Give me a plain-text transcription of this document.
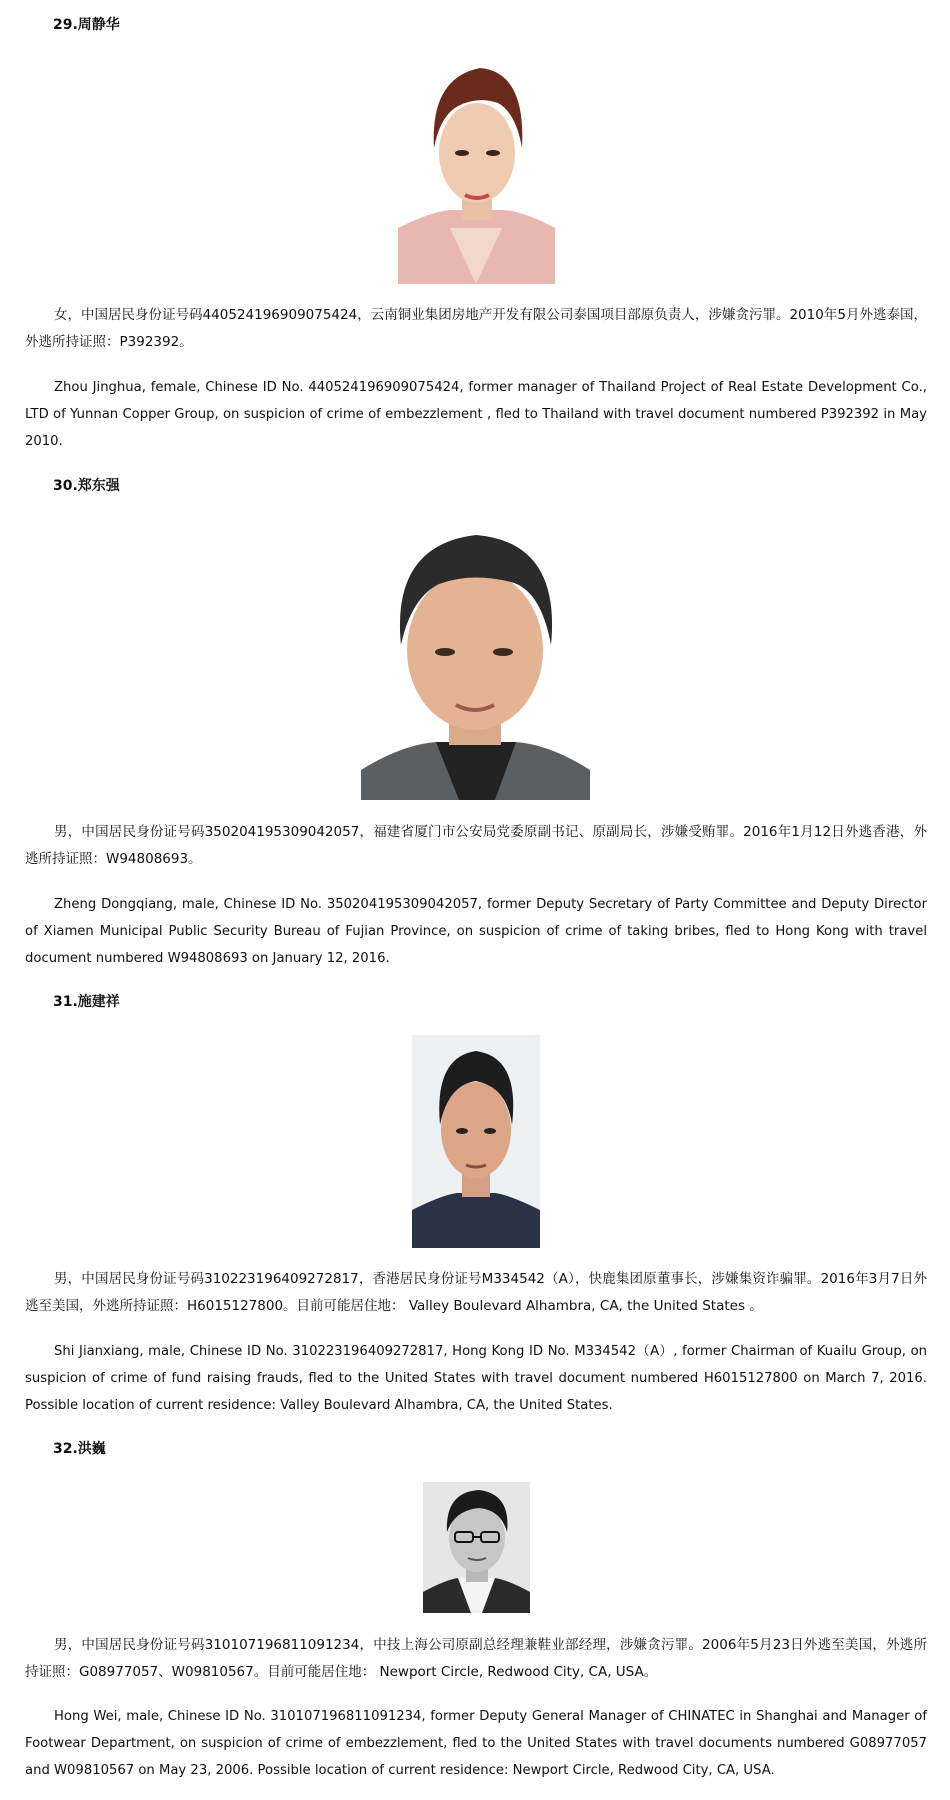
29.周静华

女，中国居民身份证号码440524196909075424，云南铜业集团房地产开发有限公司泰国项目部原负责人，涉嫌贪污罪。2010年5月外逃泰国，外逃所持证照：P392392。

Zhou Jinghua, female, Chinese ID No. 440524196909075424, former manager of Thailand Project of Real Estate Development Co., LTD of Yunnan Copper Group, on suspicion of crime of embezzlement , fled to Thailand with travel document numbered P392392 in May 2010.

30.郑东强

男，中国居民身份证号码350204195309042057，福建省厦门市公安局党委原副书记、原副局长，涉嫌受贿罪。2016年1月12日外逃香港，外逃所持证照：W94808693。

Zheng Dongqiang, male, Chinese ID No. 350204195309042057, former Deputy Secretary of Party Committee and Deputy Director of Xiamen Municipal Public Security Bureau of Fujian Province, on suspicion of crime of taking bribes, fled to Hong Kong with travel document numbered W94808693 on January 12, 2016.

31.施建祥

男，中国居民身份证号码310223196409272817，香港居民身份证号M334542（A），快鹿集团原董事长，涉嫌集资诈骗罪。2016年3月7日外逃至美国，外逃所持证照：H6015127800。目前可能居住地： Valley Boulevard Alhambra, CA, the United States 。

Shi Jianxiang, male, Chinese ID No. 310223196409272817, Hong Kong ID No. M334542（A）, former Chairman of Kuailu Group, on suspicion of crime of fund raising frauds, fled to the United States with travel document numbered H6015127800 on March 7, 2016. Possible location of current residence: Valley Boulevard Alhambra, CA, the United States.

32.洪巍

男，中国居民身份证号码310107196811091234，中技上海公司原副总经理兼鞋业部经理，涉嫌贪污罪。2006年5月23日外逃至美国，外逃所持证照：G08977057、W09810567。目前可能居住地： Newport Circle, Redwood City, CA, USA。

Hong Wei, male, Chinese ID No. 310107196811091234, former Deputy General Manager of CHINATEC in Shanghai and Manager of Footwear Department, on suspicion of crime of embezzlement, fled to the United States with travel documents numbered G08977057 and W09810567 on May 23, 2006. Possible location of current residence: Newport Circle, Redwood City, CA, USA.
